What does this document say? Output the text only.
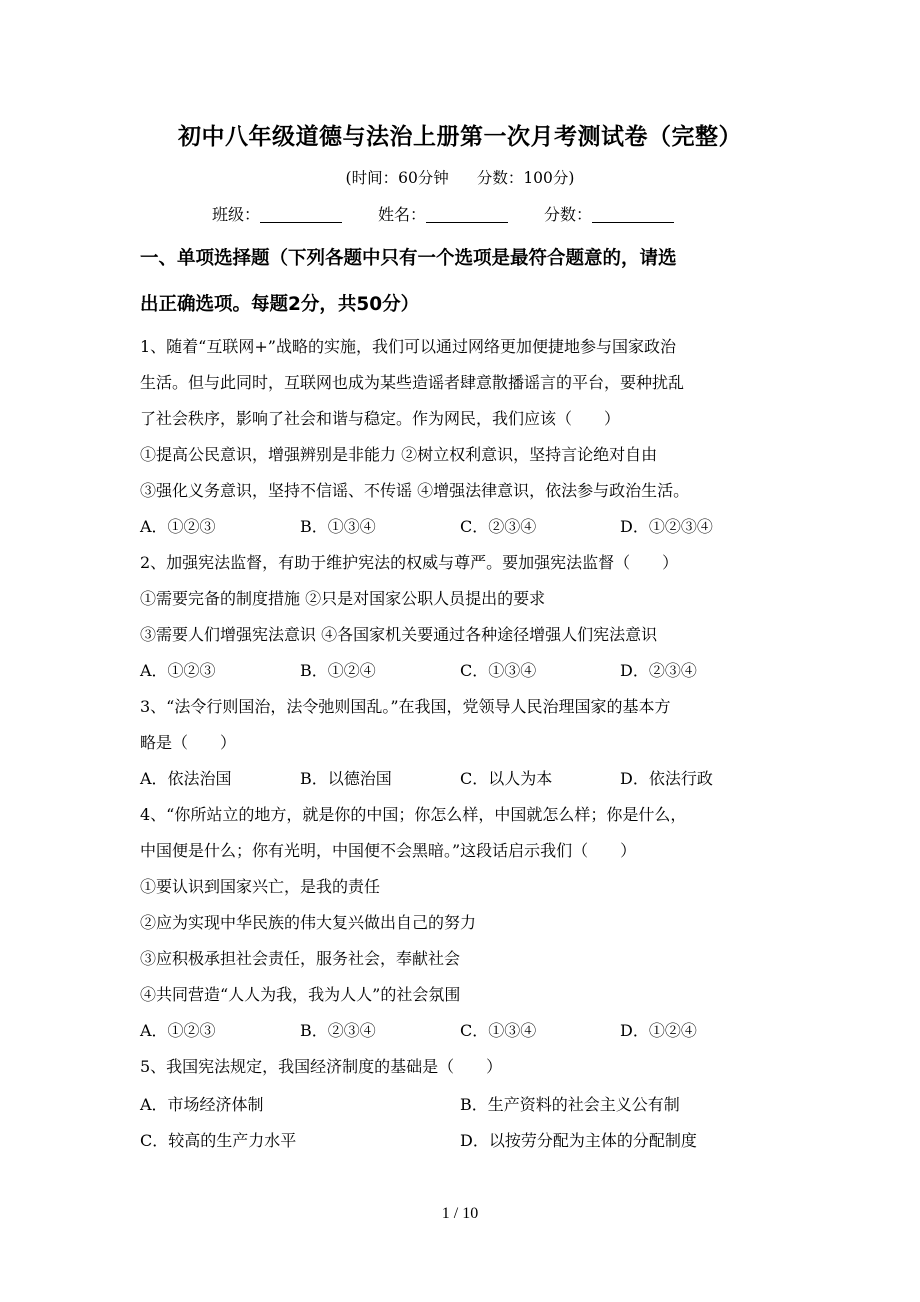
初中八年级道德与法治上册第一次月考测试卷（完整）
(时间：60分钟 分数：100分)
班级：	姓名：	分数：
一、单项选择题（下列各题中只有一个选项是最符合题意的，请选
出正确选项。每题2分，共50分）
1、随着“互联网+”战略的实施，我们可以通过网络更加便捷地参与国家政治
生活。但与此同时，互联网也成为某些造谣者肆意散播谣言的平台，要种扰乱
了社会秩序，影响了社会和谐与稳定。作为网民，我们应该（　　）
①提高公民意识，增强辨别是非能力 ②树立权利意识，坚持言论绝对自由
③强化义务意识，坚持不信谣、不传谣 ④增强法律意识，依法参与政治生活。
A．①②③	B．①③④	C．②③④	D．①②③④
2、加强宪法监督，有助于维护宪法的权威与尊严。要加强宪法监督（　　）
①需要完备的制度措施 ②只是对国家公职人员提出的要求
③需要人们增强宪法意识 ④各国家机关要通过各种途径增强人们宪法意识
A．①②③	B．①②④	C．①③④	D．②③④
3、“法令行则国治，法令弛则国乱。”在我国，党领导人民治理国家的基本方
略是（　　）
A．依法治国	B．以德治国	C．以人为本	D．依法行政
4、“你所站立的地方，就是你的中国；你怎么样，中国就怎么样；你是什么，
中国便是什么；你有光明，中国便不会黑暗。”这段话启示我们（　　）
①要认识到国家兴亡，是我的责任
②应为实现中华民族的伟大复兴做出自己的努力
③应积极承担社会责任，服务社会，奉献社会
④共同营造“人人为我，我为人人”的社会氛围
A．①②③	B．②③④	C．①③④	D．①②④
5、我国宪法规定，我国经济制度的基础是（　　）
A．市场经济体制	B．生产资料的社会主义公有制
C．较高的生产力水平	D．以按劳分配为主体的分配制度
1 / 10
